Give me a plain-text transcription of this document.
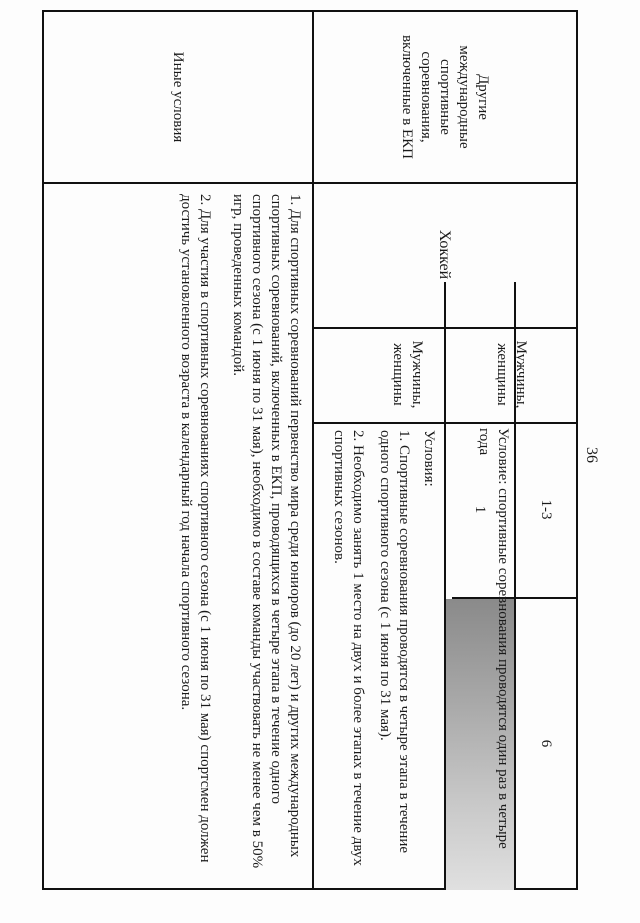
36

Другие международные спортивные соревнования, включенные в ЕКП

Иные условия

Хоккей

Мужчины, женщины

Мужчины, женщины

1-3

6

1

Условия:

1. Спортивные соревнования проводятся в четыре этапа в течение одного спортивного сезона (с 1 июня по 31 мая).

2. Необходимо занять 1 место на двух и более этапах в течение двух спортивных сезонов.

1. Для спортивных соревнований первенство мира среди юниоров (до 20 лет) и других международных спортивных соревнований, включенных в ЕКП, проводящихся в четыре этапа в течение одного спортивного сезона (с 1 июня по 31 мая), необходимо в составе команды участвовать не менее чем в 50% игр, проведенных командой.

2. Для участия в спортивных соревнованиях спортивного сезона (с 1 июня по 31 мая) спортсмен должен достичь установленного возраста в календарный год начала спортивного сезона.	Условие: спортивные соревнования проводятся один раз в четыре года
